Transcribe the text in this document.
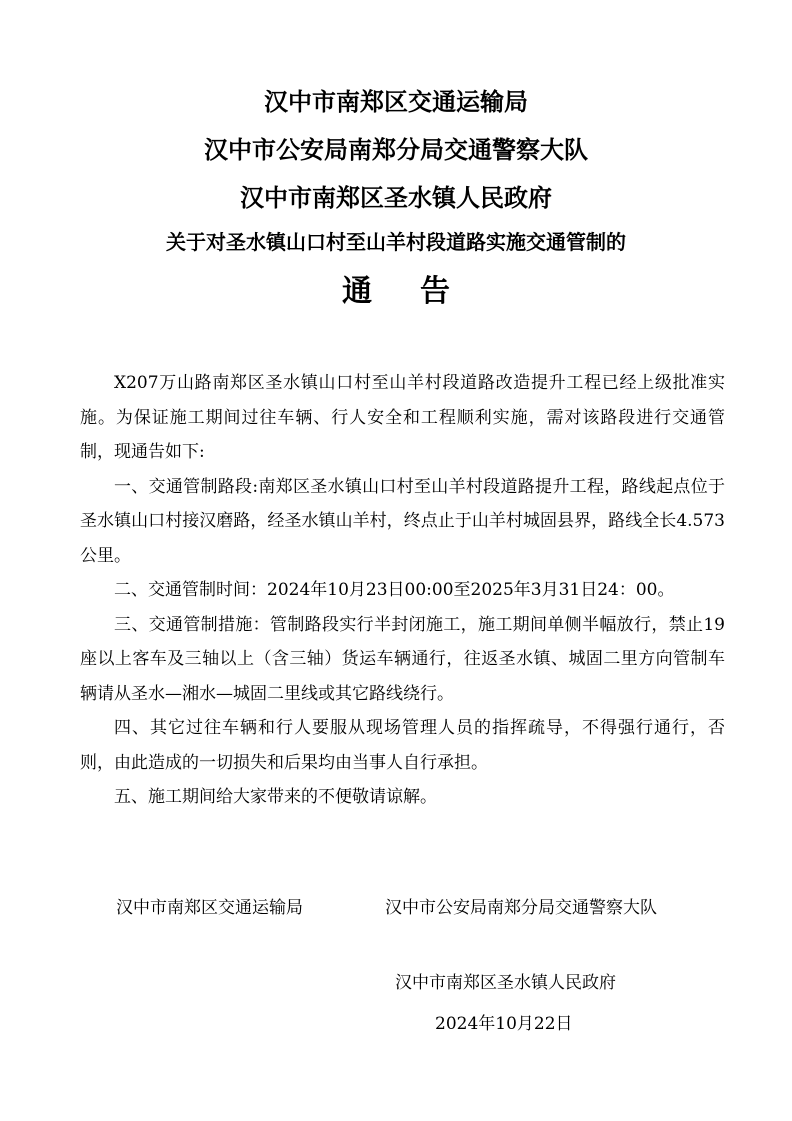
汉中市南郑区交通运输局
汉中市公安局南郑分局交通警察大队
汉中市南郑区圣水镇人民政府
关于对圣水镇山口村至山羊村段道路实施交通管制的
通告

X207万山路南郑区圣水镇山口村至山羊村段道路改造提升工程已经上级批准实施。为保证施工期间过往车辆、行人安全和工程顺利实施，需对该路段进行交通管制，现通告如下:

一、交通管制路段:南郑区圣水镇山口村至山羊村段道路提升工程，路线起点位于圣水镇山口村接汉磨路，经圣水镇山羊村，终点止于山羊村城固县界，路线全长4.573公里。

二、交通管制时间：2024年10月23日00:00至2025年3月31日24：00。

三、交通管制措施：管制路段实行半封闭施工，施工期间单侧半幅放行，禁止19座以上客车及三轴以上（含三轴）货运车辆通行，往返圣水镇、城固二里方向管制车辆请从圣水—湘水—城固二里线或其它路线绕行。

四、其它过往车辆和行人要服从现场管理人员的指挥疏导，不得强行通行，否则，由此造成的一切损失和后果均由当事人自行承担。

五、施工期间给大家带来的不便敬请谅解。

汉中市南郑区交通运输局	汉中市公安局南郑分局交通警察大队
汉中市南郑区圣水镇人民政府
2024年10月22日
